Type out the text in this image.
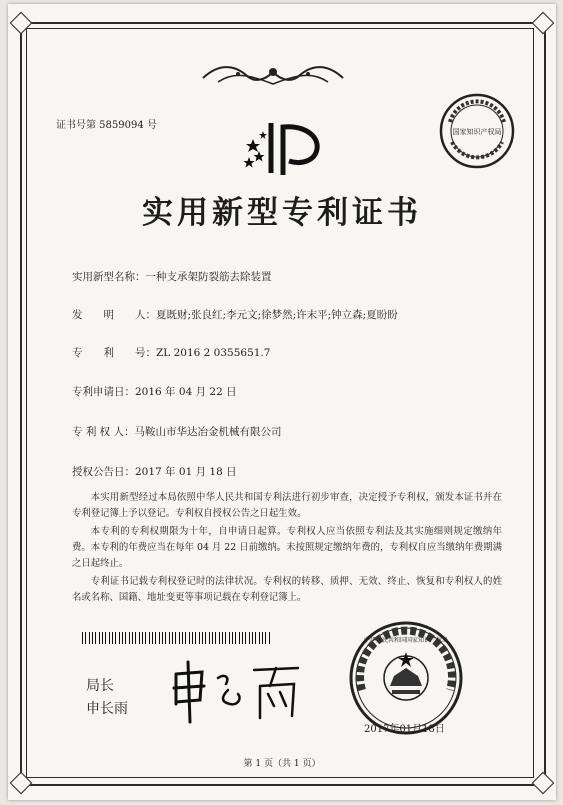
证书号第 5859094 号
国家知识产权局
实用新型专利证书
实用新型名称：一种支承架防裂筋去除装置
发　　明　　人：夏既财;张良红;李元文;徐梦然;许末平;钟立森;夏盼盼
专　　利　　号：ZL 2016 2 0355651.7
专利申请日：2016 年 04 月 22 日
专 利 权 人：马鞍山市华达冶金机械有限公司
授权公告日：2017 年 01 月 18 日
本实用新型经过本局依照中华人民共和国专利法进行初步审查，决定授予专利权，颁发本证书并在专利登记簿上予以登记。专利权自授权公告之日起生效。
本专利的专利权期限为十年，自申请日起算。专利权人应当依照专利法及其实施细则规定缴纳年费。本专利的年费应当在每年 04 月 22 日前缴纳。未按照规定缴纳年费的，专利权自应当缴纳年费期满之日起终止。
专利证书记载专利权登记时的法律状况。专利权的转移、质押、无效、终止、恢复和专利权人的姓名或名称、国籍、地址变更等事项记载在专利登记簿上。
局长
申长雨
中华人民共和国国家知识产权局
2017年01月18日
第 1 页（共 1 页）
